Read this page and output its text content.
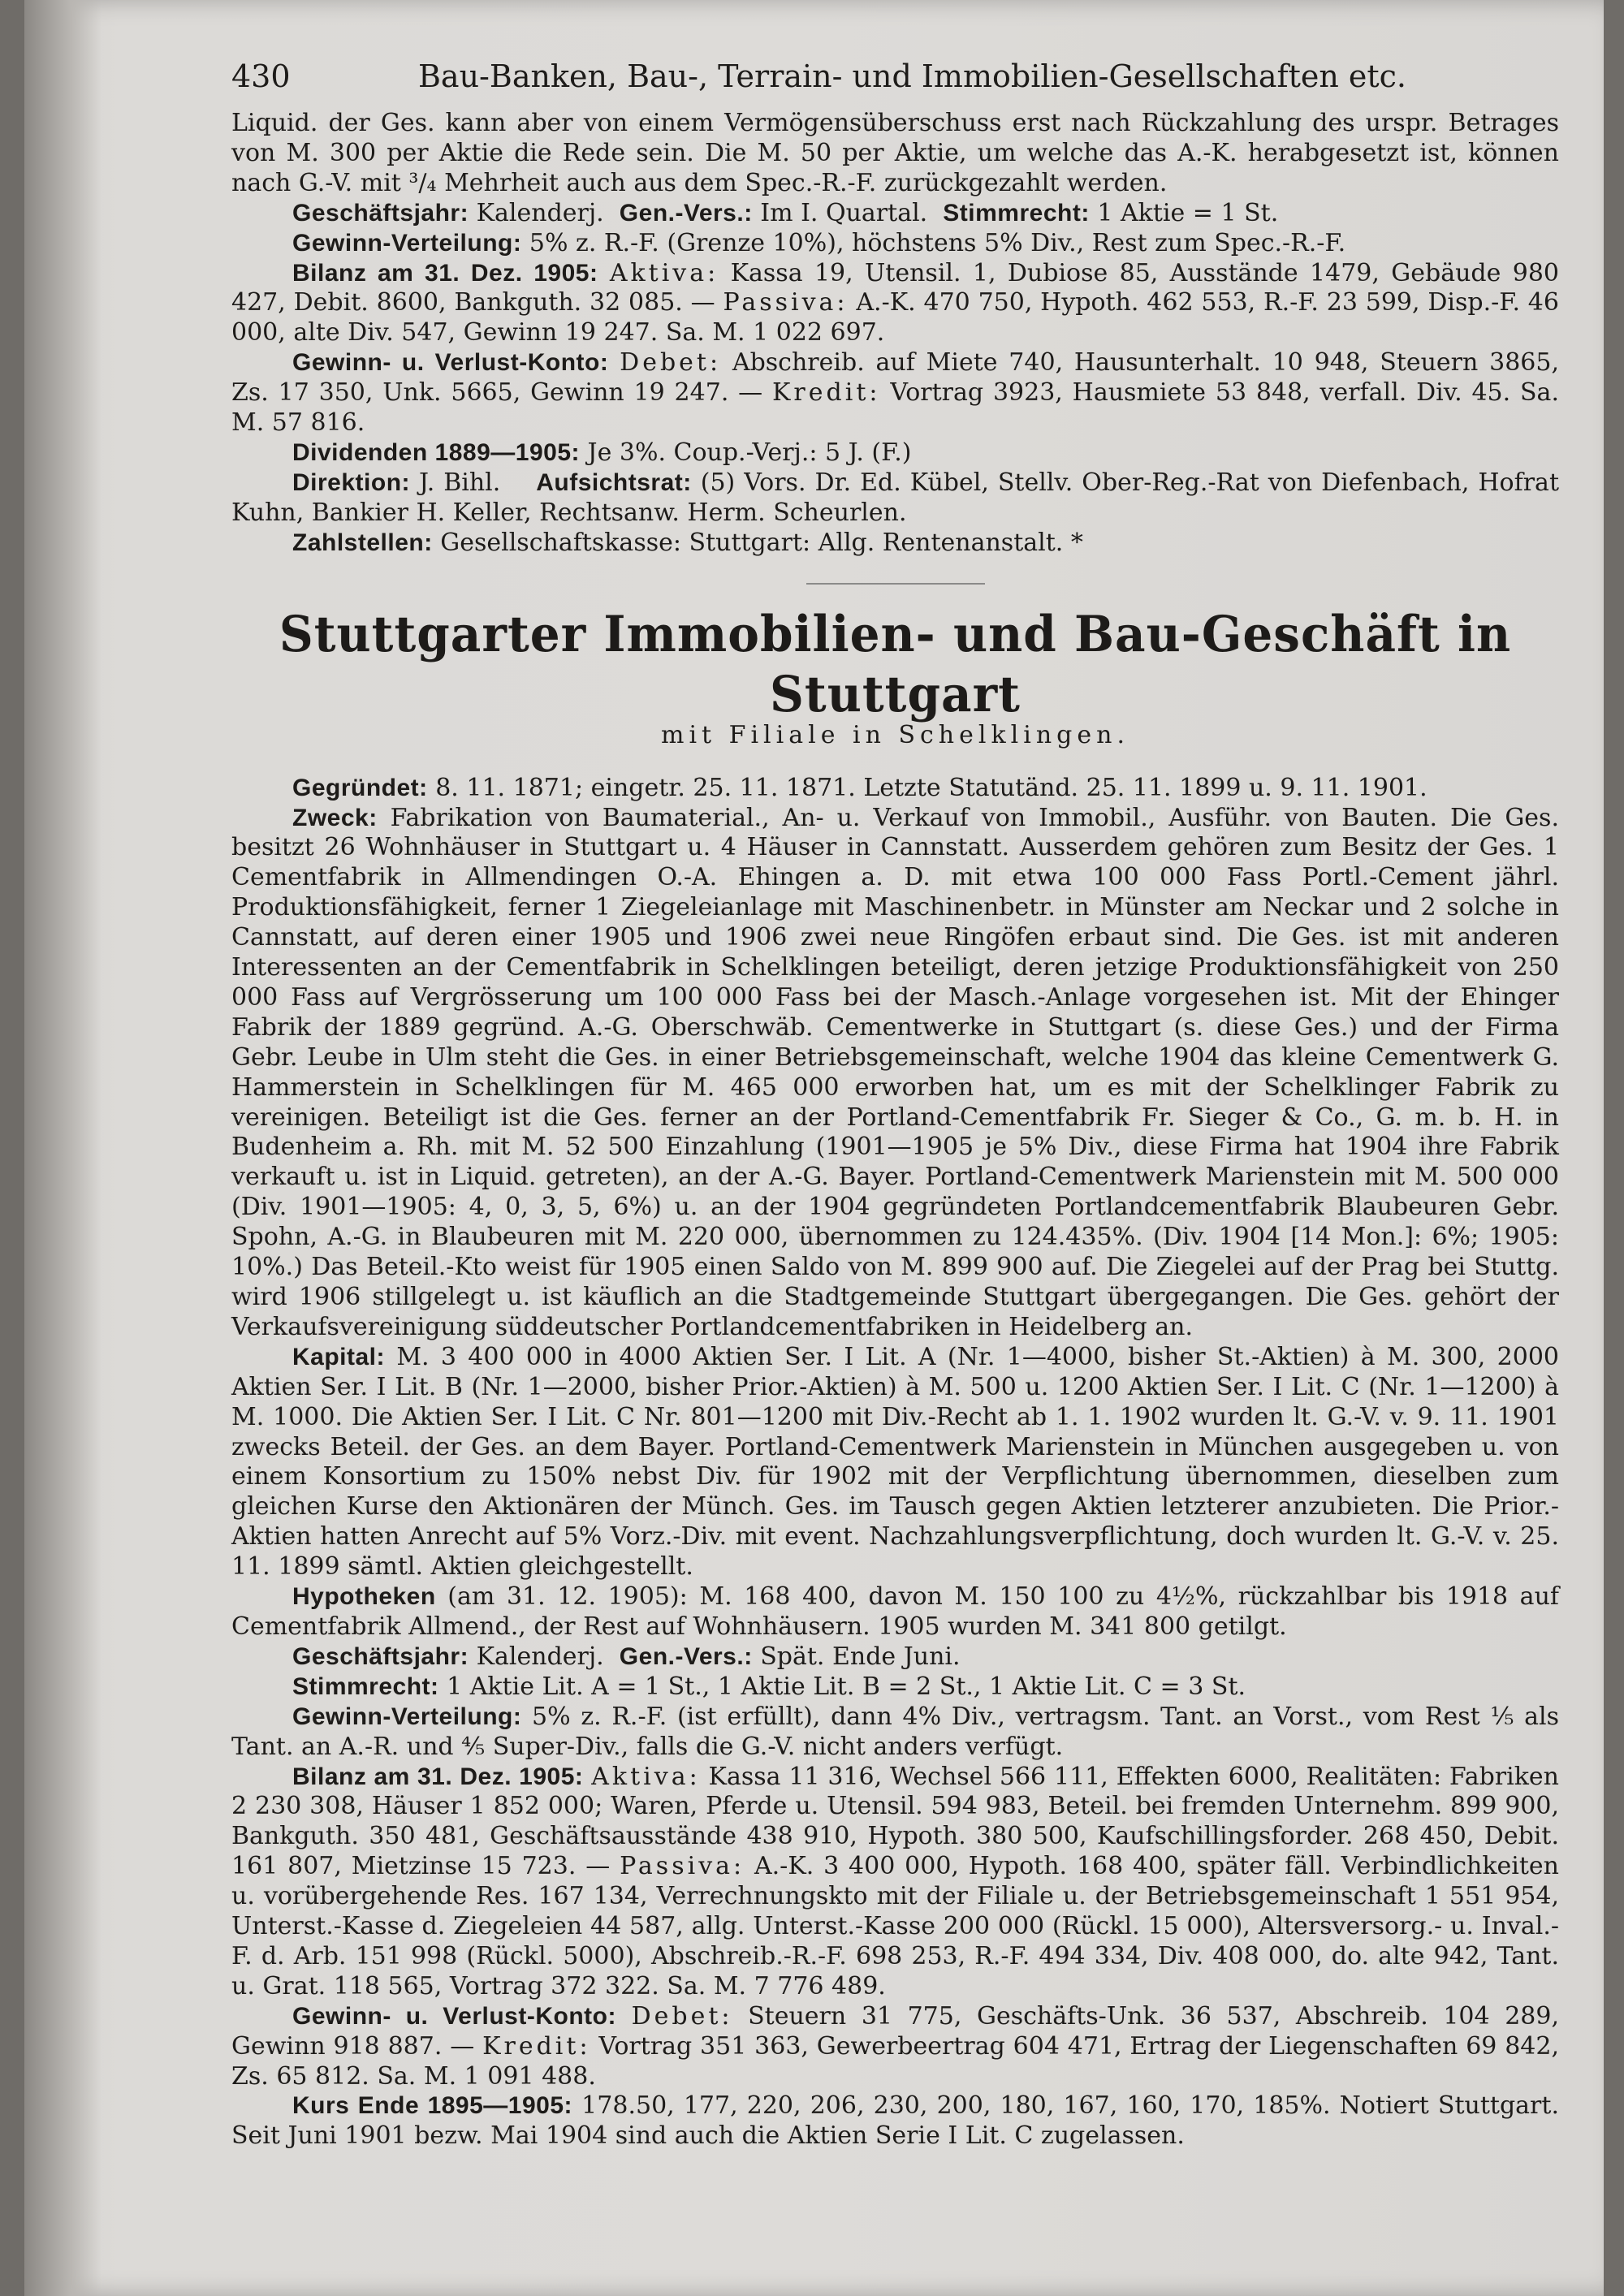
430	Bau-Banken, Bau-, Terrain- und Immobilien-Gesellschaften etc.

Liquid. der Ges. kann aber von einem Vermögensüberschuss erst nach Rückzahlung des urspr. Betrages von M. 300 per Aktie die Rede sein. Die M. 50 per Aktie, um welche das A.-K. herabgesetzt ist, können nach G.-V. mit ³/₄ Mehrheit auch aus dem Spec.-R.-F. zurückgezahlt werden.

Geschäftsjahr: Kalenderj. Gen.-Vers.: Im I. Quartal. Stimmrecht: 1 Aktie = 1 St.

Gewinn-Verteilung: 5% z. R.-F. (Grenze 10%), höchstens 5% Div., Rest zum Spec.-R.-F.

Bilanz am 31. Dez. 1905: Aktiva: Kassa 19, Utensil. 1, Dubiose 85, Ausstände 1479, Gebäude 980 427, Debit. 8600, Bankguth. 32 085. — Passiva: A.-K. 470 750, Hypoth. 462 553, R.-F. 23 599, Disp.-F. 46 000, alte Div. 547, Gewinn 19 247. Sa. M. 1 022 697.

Gewinn- u. Verlust-Konto: Debet: Abschreib. auf Miete 740, Hausunterhalt. 10 948, Steuern 3865, Zs. 17 350, Unk. 5665, Gewinn 19 247. — Kredit: Vortrag 3923, Hausmiete 53 848, verfall. Div. 45. Sa. M. 57 816.

Dividenden 1889—1905: Je 3%. Coup.-Verj.: 5 J. (F.)

Direktion: J. Bihl. Aufsichtsrat: (5) Vors. Dr. Ed. Kübel, Stellv. Ober-Reg.-Rat von Diefenbach, Hofrat Kuhn, Bankier H. Keller, Rechtsanw. Herm. Scheurlen.

Zahlstellen: Gesellschaftskasse: Stuttgart: Allg. Rentenanstalt. *

Stuttgarter Immobilien- und Bau-Geschäft in Stuttgart
mit Filiale in Schelklingen.

Gegründet: 8. 11. 1871; eingetr. 25. 11. 1871. Letzte Statutänd. 25. 11. 1899 u. 9. 11. 1901.

Zweck: Fabrikation von Baumaterial., An- u. Verkauf von Immobil., Ausführ. von Bauten. Die Ges. besitzt 26 Wohnhäuser in Stuttgart u. 4 Häuser in Cannstatt. Ausserdem gehören zum Besitz der Ges. 1 Cementfabrik in Allmendingen O.-A. Ehingen a. D. mit etwa 100 000 Fass Portl.-Cement jährl. Produktionsfähigkeit, ferner 1 Ziegeleianlage mit Maschinenbetr. in Münster am Neckar und 2 solche in Cannstatt, auf deren einer 1905 und 1906 zwei neue Ringöfen erbaut sind. Die Ges. ist mit anderen Interessenten an der Cementfabrik in Schelklingen beteiligt, deren jetzige Produktionsfähigkeit von 250 000 Fass auf Vergrösserung um 100 000 Fass bei der Masch.-Anlage vorgesehen ist. Mit der Ehinger Fabrik der 1889 gegründ. A.-G. Oberschwäb. Cementwerke in Stuttgart (s. diese Ges.) und der Firma Gebr. Leube in Ulm steht die Ges. in einer Betriebsgemeinschaft, welche 1904 das kleine Cementwerk G. Hammerstein in Schelklingen für M. 465 000 erworben hat, um es mit der Schelklinger Fabrik zu vereinigen. Beteiligt ist die Ges. ferner an der Portland-Cementfabrik Fr. Sieger & Co., G. m. b. H. in Budenheim a. Rh. mit M. 52 500 Einzahlung (1901—1905 je 5% Div., diese Firma hat 1904 ihre Fabrik verkauft u. ist in Liquid. getreten), an der A.-G. Bayer. Portland-Cementwerk Marienstein mit M. 500 000 (Div. 1901—1905: 4, 0, 3, 5, 6%) u. an der 1904 gegründeten Portlandcementfabrik Blaubeuren Gebr. Spohn, A.-G. in Blaubeuren mit M. 220 000, übernommen zu 124.435%. (Div. 1904 [14 Mon.]: 6%; 1905: 10%.) Das Beteil.-Kto weist für 1905 einen Saldo von M. 899 900 auf. Die Ziegelei auf der Prag bei Stuttg. wird 1906 stillgelegt u. ist käuflich an die Stadtgemeinde Stuttgart übergegangen. Die Ges. gehört der Verkaufsvereinigung süddeutscher Portlandcementfabriken in Heidelberg an.

Kapital: M. 3 400 000 in 4000 Aktien Ser. I Lit. A (Nr. 1—4000, bisher St.-Aktien) à M. 300, 2000 Aktien Ser. I Lit. B (Nr. 1—2000, bisher Prior.-Aktien) à M. 500 u. 1200 Aktien Ser. I Lit. C (Nr. 1—1200) à M. 1000. Die Aktien Ser. I Lit. C Nr. 801—1200 mit Div.-Recht ab 1. 1. 1902 wurden lt. G.-V. v. 9. 11. 1901 zwecks Beteil. der Ges. an dem Bayer. Portland-Cementwerk Marienstein in München ausgegeben u. von einem Konsortium zu 150% nebst Div. für 1902 mit der Verpflichtung übernommen, dieselben zum gleichen Kurse den Aktionären der Münch. Ges. im Tausch gegen Aktien letzterer anzubieten. Die Prior.-Aktien hatten Anrecht auf 5% Vorz.-Div. mit event. Nachzahlungsverpflichtung, doch wurden lt. G.-V. v. 25. 11. 1899 sämtl. Aktien gleichgestellt.

Hypotheken (am 31. 12. 1905): M. 168 400, davon M. 150 100 zu 4½%, rückzahlbar bis 1918 auf Cementfabrik Allmend., der Rest auf Wohnhäusern. 1905 wurden M. 341 800 getilgt.

Geschäftsjahr: Kalenderj. Gen.-Vers.: Spät. Ende Juni.

Stimmrecht: 1 Aktie Lit. A = 1 St., 1 Aktie Lit. B = 2 St., 1 Aktie Lit. C = 3 St.

Gewinn-Verteilung: 5% z. R.-F. (ist erfüllt), dann 4% Div., vertragsm. Tant. an Vorst., vom Rest ⅕ als Tant. an A.-R. und ⅘ Super-Div., falls die G.-V. nicht anders verfügt.

Bilanz am 31. Dez. 1905: Aktiva: Kassa 11 316, Wechsel 566 111, Effekten 6000, Realitäten: Fabriken 2 230 308, Häuser 1 852 000; Waren, Pferde u. Utensil. 594 983, Beteil. bei fremden Unternehm. 899 900, Bankguth. 350 481, Geschäftsausstände 438 910, Hypoth. 380 500, Kaufschillingsforder. 268 450, Debit. 161 807, Mietzinse 15 723. — Passiva: A.-K. 3 400 000, Hypoth. 168 400, später fäll. Verbindlichkeiten u. vorübergehende Res. 167 134, Verrechnungskto mit der Filiale u. der Betriebsgemeinschaft 1 551 954, Unterst.-Kasse d. Ziegeleien 44 587, allg. Unterst.-Kasse 200 000 (Rückl. 15 000), Altersversorg.- u. Inval.-F. d. Arb. 151 998 (Rückl. 5000), Abschreib.-R.-F. 698 253, R.-F. 494 334, Div. 408 000, do. alte 942, Tant. u. Grat. 118 565, Vortrag 372 322. Sa. M. 7 776 489.

Gewinn- u. Verlust-Konto: Debet: Steuern 31 775, Geschäfts-Unk. 36 537, Abschreib. 104 289, Gewinn 918 887. — Kredit: Vortrag 351 363, Gewerbeertrag 604 471, Ertrag der Liegenschaften 69 842, Zs. 65 812. Sa. M. 1 091 488.

Kurs Ende 1895—1905: 178.50, 177, 220, 206, 230, 200, 180, 167, 160, 170, 185%. Notiert Stuttgart. Seit Juni 1901 bezw. Mai 1904 sind auch die Aktien Serie I Lit. C zugelassen.
